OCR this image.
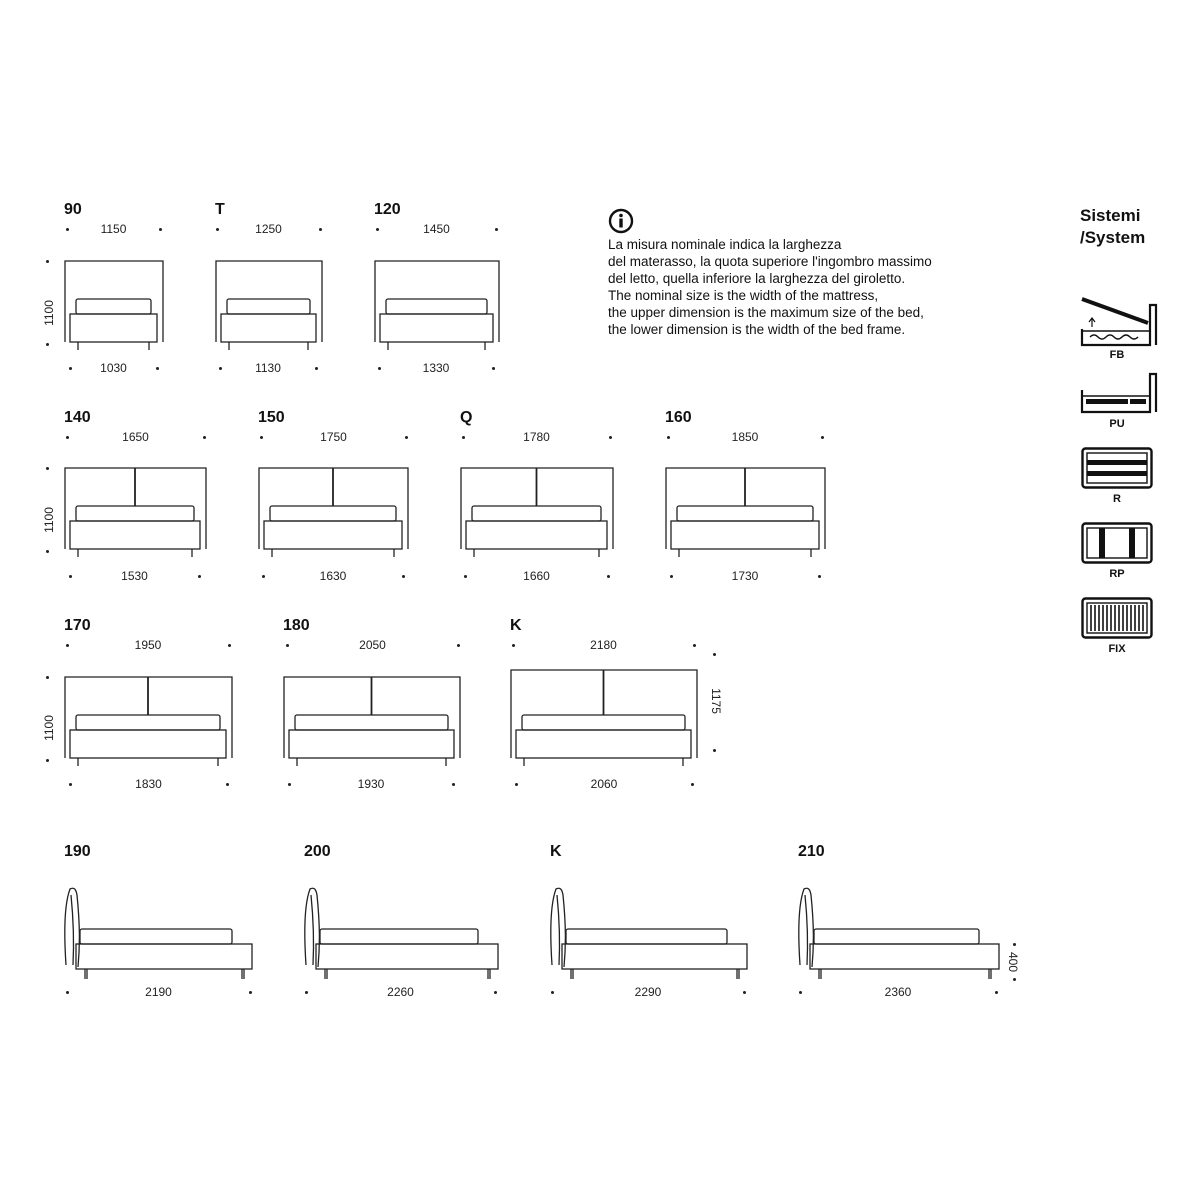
La misura nominale indica la larghezza
del materasso, la quota superiore l'ingombro massimo
del letto, quella inferiore la larghezza del giroletto.
The nominal size is the width of the mattress,
the upper dimension is the maximum size of the bed,
the lower dimension is the width of the bed frame.
Sistemi
/System
FB
PU
R
RP
FIX
90
1150
1030
1100
T
1250
1130
120
1450
1330
140
1650
1530
1100
150
1750
1630
Q
1780
1660
160
1850
1730
170
1950
1830
1100
180
2050
1930
K
2180
2060
1175
190
2190
200
2260
K
2290
210
2360
400
